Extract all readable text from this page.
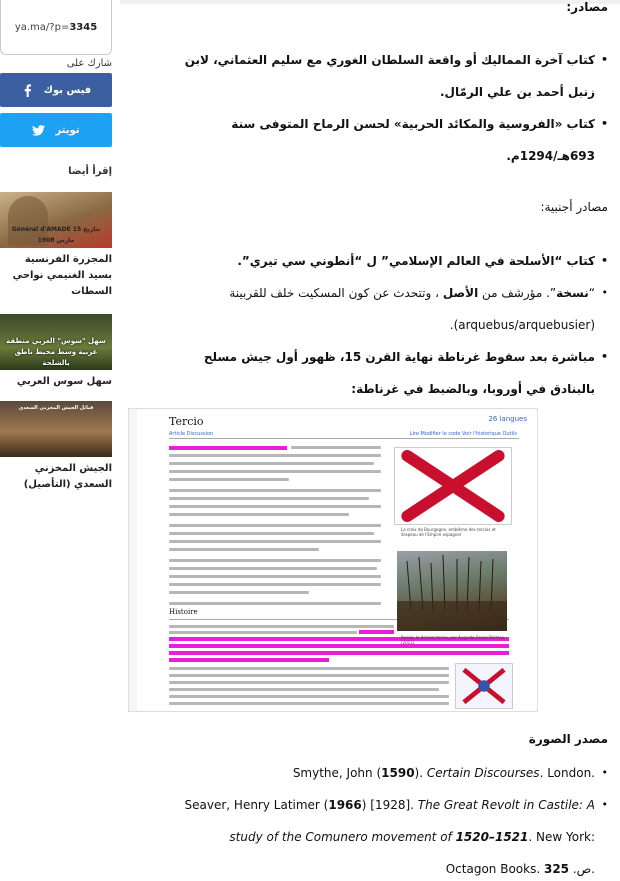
ya.ma/?p=3345
شارك على
فيس بوك
تويتر
إقرأ أيضا
Général d'AMADE بتاريخ 15 مارس 1908
المجزرة الفرنسية بسيد الغنيمي نواحي السطات
سهل "سوس" العربي منطقة غربية وسط محيط ناطق بالشلحة
سهل سوس العربي
قبائل الجيش المخزني السعدي
الجيش المخزني السعدي (التأصيل)
مصادر:
• كتاب آخرة المماليك أو واقعة السلطان الغوري مع سليم العثماني، لابن زنبل أحمد بن علي الرمّال.
• كتاب «الفروسية والمكائد الحربية» لحسن الرماح المتوفى سنة 693هـ/1294م.
مصادر أجنبية:
• كتاب “الأسلحة في العالم الإسلامي” ل “أنطوني سي تيري”.
• “نسخة”. مؤرشف من الأصل ، وتتحدث عن كون المسكيت خلف للقربينة (arquebus/arquebusier).
• مباشرة بعد سقوط غرناطة نهاية القرن 15، ظهور أول جيش مسلح بالبنادق في أوروبا، وبالضبط في غرناطة:
Tercio	26 langues
Article Discussion	Lire Modifier le code Voir l'historique Outils
Histoire
La croix de Bourgogne, emblème des tercios et drapeau de l'Empire espagnol
Rocroi, le dernier tercio, par Augusto Ferrer-Dalmau (2011).
مصدر الصورة
• Smythe, John (1590). Certain Discourses. London.
• Seaver, Henry Latimer (1966) [1928]. The Great Revolt in Castile: A study of the Comunero movement of 1520–1521. New York: Octagon Books. ص. 325 .
